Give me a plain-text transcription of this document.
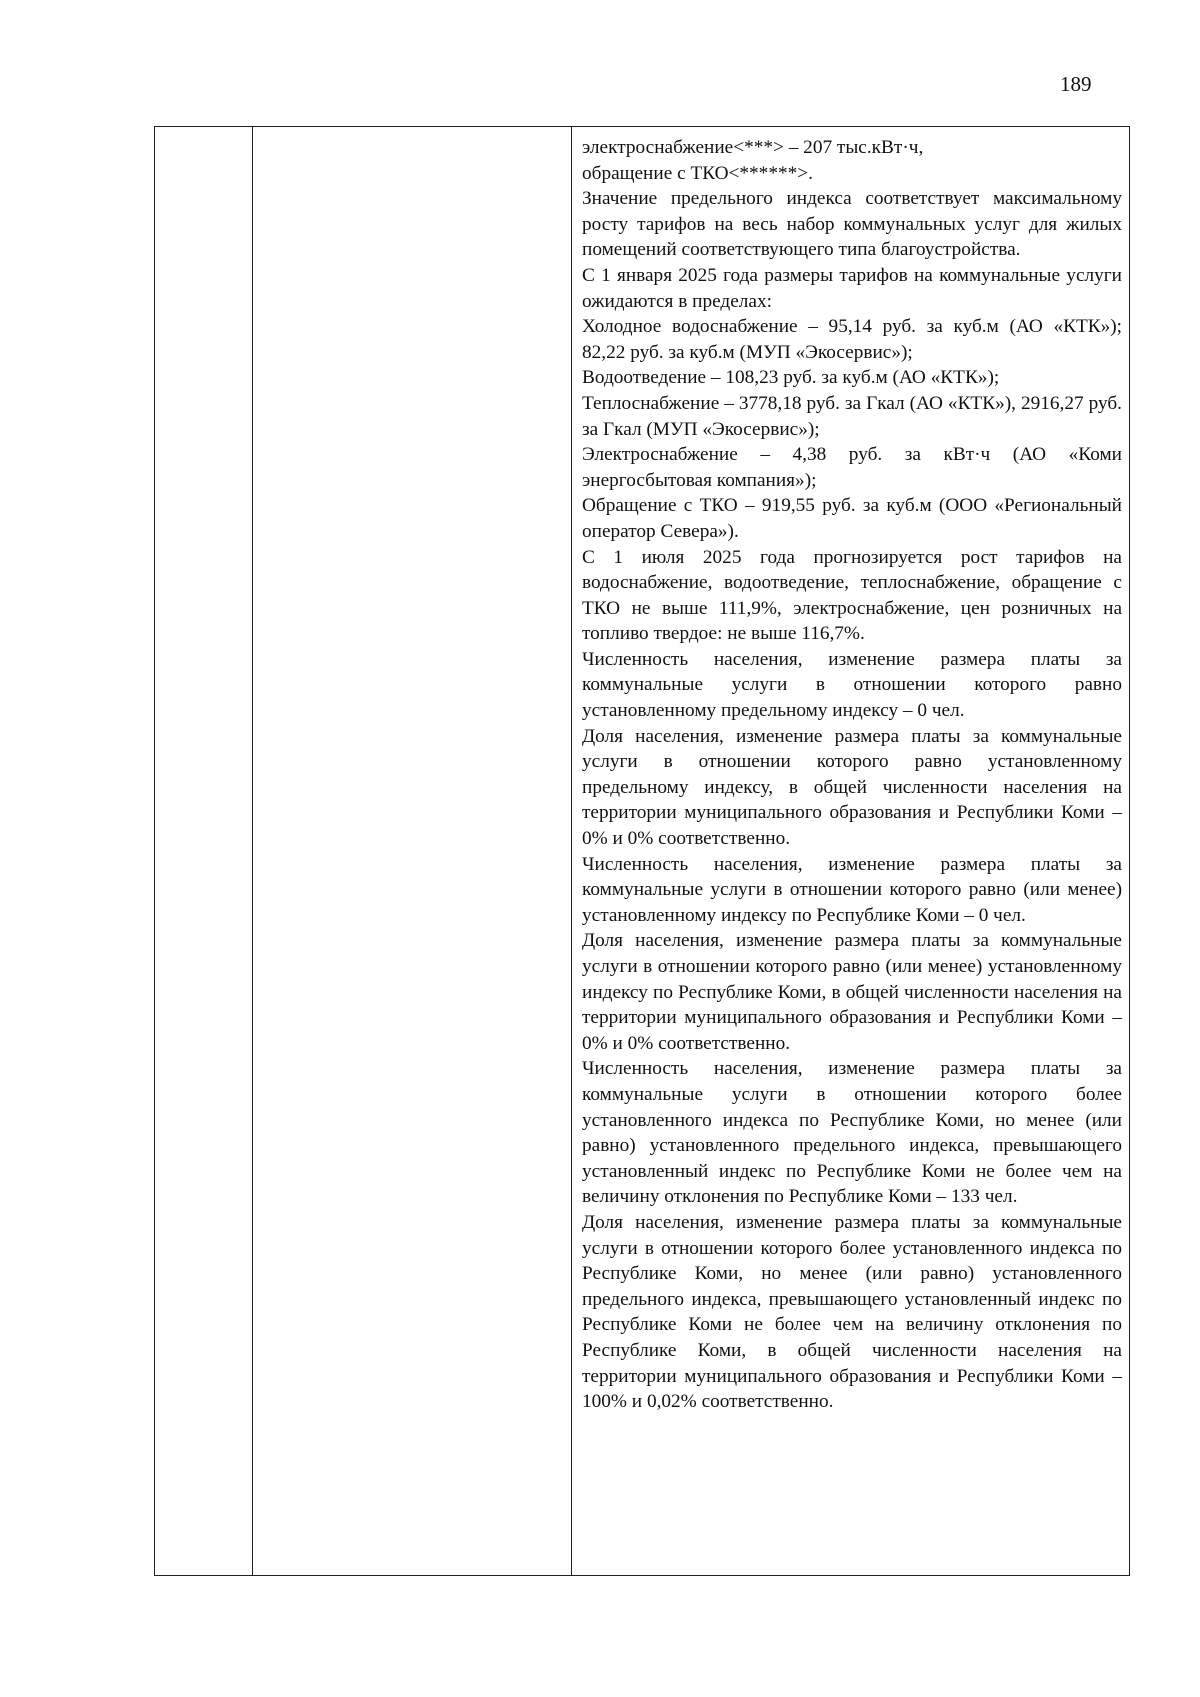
189

электроснабжение<***> – 207 тыс.кВт·ч,

обращение с ТКО<******>.

Значение предельного индекса соответствует максимальному росту тарифов на весь набор коммунальных услуг для жилых помещений соответствующего типа благоустройства.

С 1 января 2025 года размеры тарифов на коммунальные услуги ожидаются в пределах:

Холодное водоснабжение – 95,14 руб. за куб.м (АО «КТК»); 82,22 руб. за куб.м (МУП «Экосервис»);

Водоотведение – 108,23 руб. за куб.м (АО «КТК»);

Теплоснабжение – 3778,18 руб. за Гкал (АО «КТК»), 2916,27 руб. за Гкал (МУП «Экосервис»);

Электроснабжение – 4,38 руб. за кВт·ч (АО «Коми энергосбытовая компания»);

Обращение с ТКО – 919,55 руб. за куб.м (ООО «Региональный оператор Севера»).

С 1 июля 2025 года прогнозируется рост тарифов на водоснабжение, водоотведение, теплоснабжение, обращение с ТКО не выше 111,9%, электроснабжение, цен розничных на топливо твердое: не выше 116,7%.

Численность населения, изменение размера платы за коммунальные услуги в отношении которого равно установленному предельному индексу – 0 чел.

Доля населения, изменение размера платы за коммунальные услуги в отношении которого равно установленному предельному индексу, в общей численности населения на территории муниципального образования и Республики Коми – 0% и 0% соответственно.

Численность населения, изменение размера платы за коммунальные услуги в отношении которого равно (или менее) установленному индексу по Республике Коми – 0 чел.

Доля населения, изменение размера платы за коммунальные услуги в отношении которого равно (или менее) установленному индексу по Республике Коми, в общей численности населения на территории муниципального образования и Республики Коми – 0% и 0% соответственно.

Численность населения, изменение размера платы за коммунальные услуги в отношении которого более установленного индекса по Республике Коми, но менее (или равно) установленного предельного индекса, превышающего установленный индекс по Республике Коми не более чем на величину отклонения по Республике Коми – 133 чел.

Доля населения, изменение размера платы за коммунальные услуги в отношении которого более установленного индекса по Республике Коми, но менее (или равно) установленного предельного индекса, превышающего установленный индекс по Республике Коми не более чем на величину отклонения по Республике Коми, в общей численности населения на территории муниципального образования и Республики Коми – 100% и 0,02% соответственно.
